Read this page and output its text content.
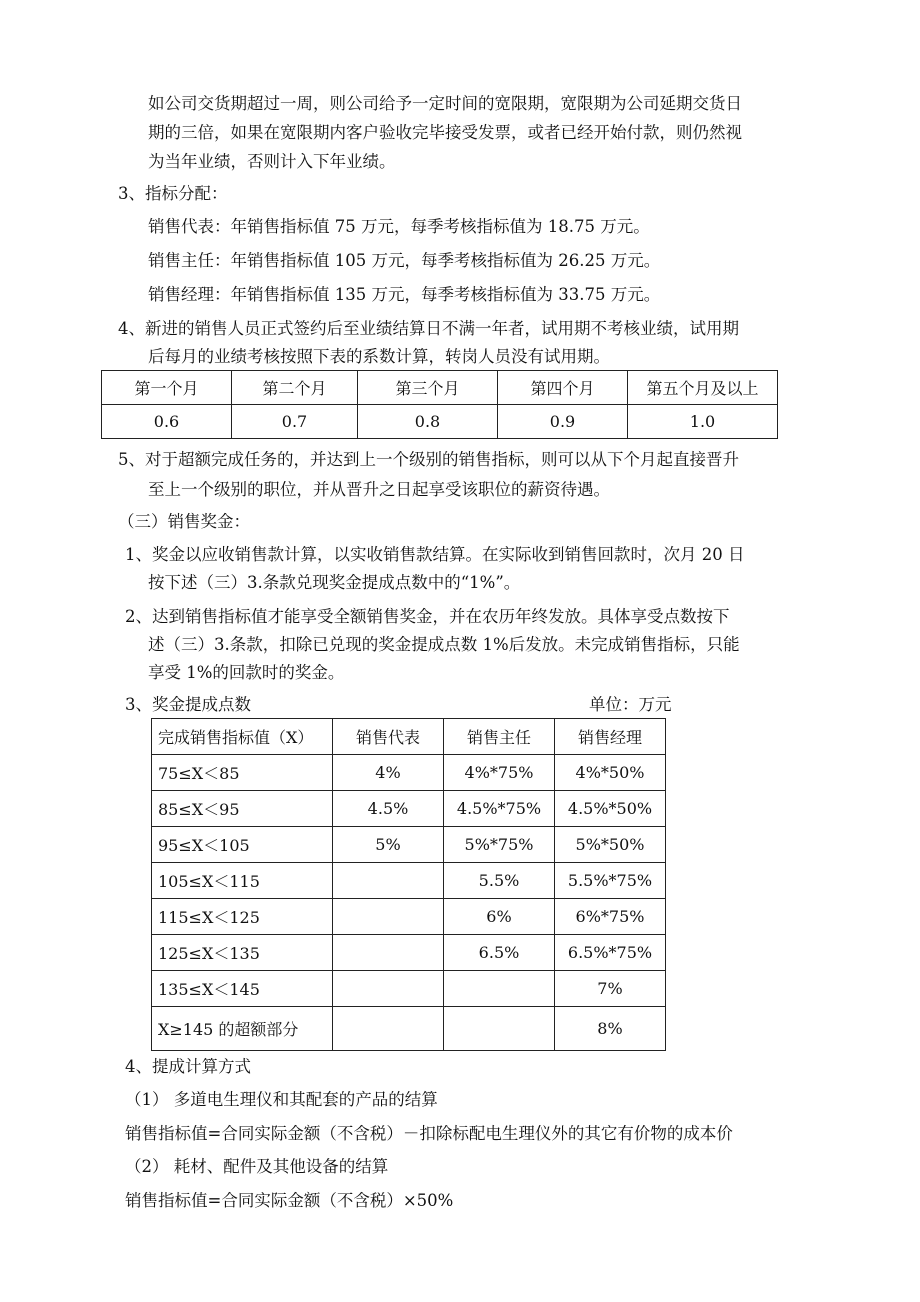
如公司交货期超过一周，则公司给予一定时间的宽限期，宽限期为公司延期交货日
期的三倍，如果在宽限期内客户验收完毕接受发票，或者已经开始付款，则仍然视
为当年业绩，否则计入下年业绩。
3、指标分配：
销售代表：年销售指标值 75 万元，每季考核指标值为 18.75 万元。
销售主任：年销售指标值 105 万元，每季考核指标值为 26.25 万元。
销售经理：年销售指标值 135 万元，每季考核指标值为 33.75 万元。
4、新进的销售人员正式签约后至业绩结算日不满一年者，试用期不考核业绩，试用期
后每月的业绩考核按照下表的系数计算，转岗人员没有试用期。
第一个月	第二个月	第三个月	第四个月	第五个月及以上
0.6	0.7	0.8	0.9	1.0
5、对于超额完成任务的，并达到上一个级别的销售指标，则可以从下个月起直接晋升
至上一个级别的职位，并从晋升之日起享受该职位的薪资待遇。
（三）销售奖金：
1、奖金以应收销售款计算，以实收销售款结算。在实际收到销售回款时，次月 20 日
按下述（三）3.条款兑现奖金提成点数中的“1%”。
2、达到销售指标值才能享受全额销售奖金，并在农历年终发放。具体享受点数按下
述（三）3.条款，扣除已兑现的奖金提成点数 1%后发放。未完成销售指标，只能
享受 1%的回款时的奖金。
3、奖金提成点数	单位：万元
完成销售指标值（X）	销售代表	销售主任	销售经理
75≤X＜85	4%	4%*75%	4%*50%
85≤X＜95	4.5%	4.5%*75%	4.5%*50%
95≤X＜105	5%	5%*75%	5%*50%
105≤X＜115		5.5%	5.5%*75%
115≤X＜125		6%	6%*75%
125≤X＜135		6.5%	6.5%*75%
135≤X＜145			7%
X≥145 的超额部分			8%
4、提成计算方式
（1） 多道电生理仪和其配套的产品的结算
销售指标值=合同实际金额（不含税）－扣除标配电生理仪外的其它有价物的成本价
（2） 耗材、配件及其他设备的结算
销售指标值=合同实际金额（不含税）×50%
